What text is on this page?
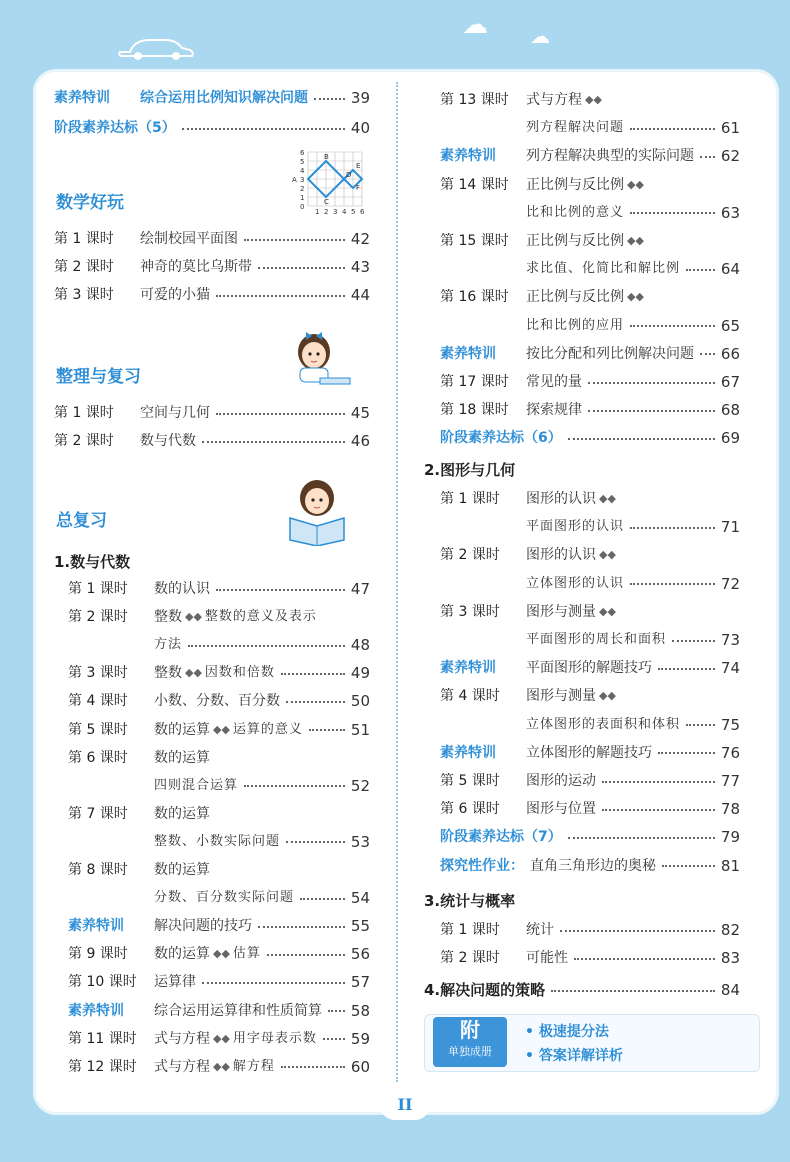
☁ ☁
素养特训	综合运用比例知识解决问题	39
阶段素养达标（5）	40
数学好玩
第 1 课时	绘制校园平面图	42
第 2 课时	神奇的莫比乌斯带	43
第 3 课时	可爱的小猫	44
整理与复习
第 1 课时	空间与几何	45
第 2 课时	数与代数	46
总复习
1.数与代数
第 1 课时	数的认识	47
第 2 课时	整数 ◆◆ 整数的意义及表示
方法	48
第 3 课时	整数 ◆◆ 因数和倍数	49
第 4 课时	小数、分数、百分数	50
第 5 课时	数的运算 ◆◆ 运算的意义	51
第 6 课时	数的运算
四则混合运算	52
第 7 课时	数的运算
整数、小数实际问题	53
第 8 课时	数的运算
分数、百分数实际问题	54
素养特训	解决问题的技巧	55
第 9 课时	数的运算 ◆◆ 估算	56
第 10 课时	运算律	57
素养特训	综合运用运算律和性质简算 58
第 11 课时	式与方程 ◆◆ 用字母表示数 59
第 12 课时	式与方程 ◆◆ 解方程	60
6
5
4
3
2
1
0
1 2 3 4 5 6
B
E
A
D
C
F
第 13 课时	式与方程 ◆◆
列方程解决问题	61
素养特训	列方程解决典型的实际问题 62
第 14 课时	正比例与反比例 ◆◆
比和比例的意义	63
第 15 课时	正比例与反比例 ◆◆
求比值、化简比和解比例	64
第 16 课时	正比例与反比例 ◆◆
比和比例的应用	65
素养特训	按比分配和列比例解决问题 66
第 17 课时	常见的量	67
第 18 课时	探索规律	68
阶段素养达标（6）	69
2.图形与几何
第 1 课时	图形的认识 ◆◆
平面图形的认识	71
第 2 课时	图形的认识 ◆◆
立体图形的认识	72
第 3 课时	图形与测量 ◆◆
平面图形的周长和面积	73
素养特训	平面图形的解题技巧	74
第 4 课时	图形与测量 ◆◆
立体图形的表面积和体积	75
素养特训	立体图形的解题技巧	76
第 5 课时	图形的运动	77
第 6 课时	图形与位置	78
阶段素养达标（7）	79
探究性作业： 直角三角形边的奥秘	81
3.统计与概率
第 1 课时	统计	82
第 2 课时	可能性	83
4.解决问题的策略	84
附
单独成册
• 极速提分法
• 答案详解详析
II
